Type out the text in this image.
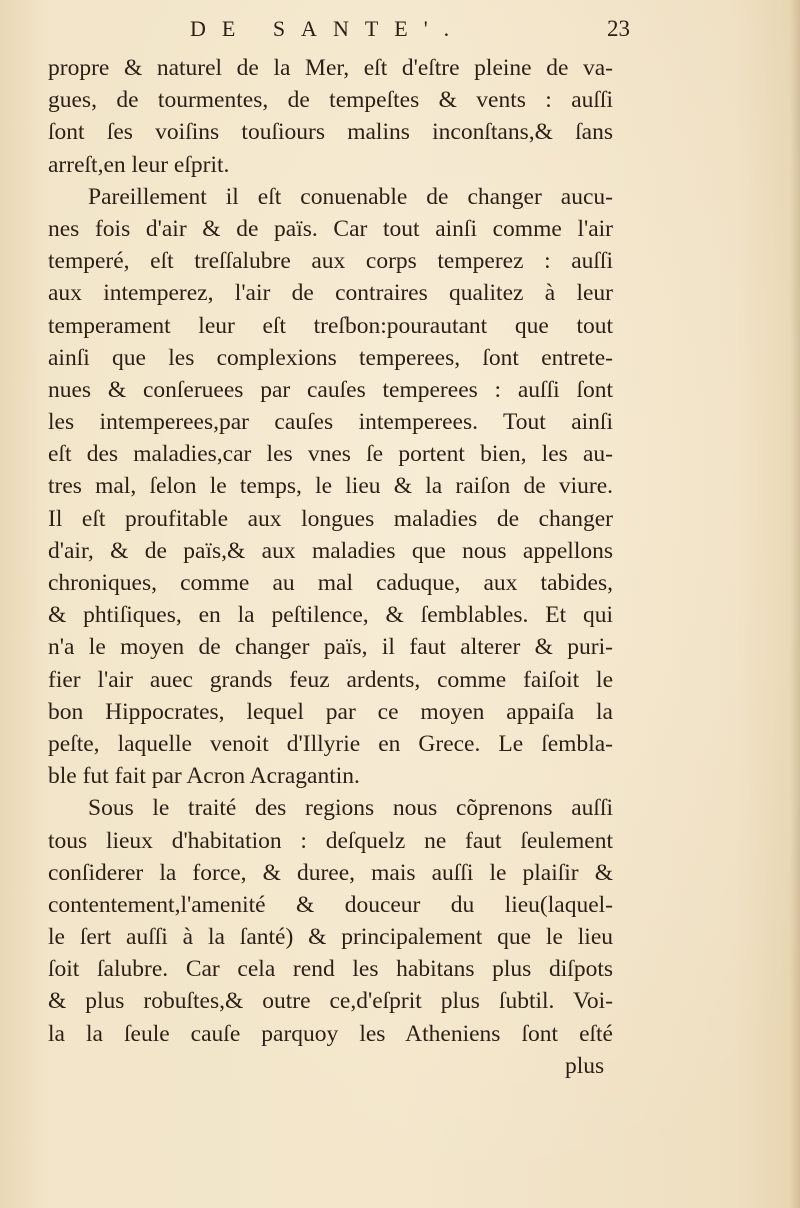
DE SANTE'.	23
propre & naturel de la Mer, eſt d'eſtre pleine de va-
gues, de tourmentes, de tempeſtes & vents : auſſi
ſont ſes voiſins touſiours malins inconſtans,& ſans
arreſt,en leur eſprit.
Pareillement il eſt conuenable de changer aucu-
nes fois d'air & de païs. Car tout ainſi comme l'air
temperé, eſt treſſalubre aux corps temperez : auſſi
aux intemperez, l'air de contraires qualitez à leur
temperament leur eſt treſbon:pourautant que tout
ainſi que les complexions temperees, ſont entrete-
nues & conſeruees par cauſes temperees : auſſi ſont
les intemperees,par cauſes intemperees. Tout ainſi
eſt des maladies,car les vnes ſe portent bien, les au-
tres mal, ſelon le temps, le lieu & la raiſon de viure.
Il eſt proufitable aux longues maladies de changer
d'air, & de païs,& aux maladies que nous appellons
chroniques, comme au mal caduque, aux tabides,
& phtiſiques, en la peſtilence, & ſemblables. Et qui
n'a le moyen de changer païs, il faut alterer & puri-
fier l'air auec grands feuz ardents, comme faiſoit le
bon Hippocrates, lequel par ce moyen appaiſa la
peſte, laquelle venoit d'Illyrie en Grece. Le ſembla-
ble fut fait par Acron Acragantin.
Sous le traité des regions nous cõprenons auſſi
tous lieux d'habitation : deſquelz ne faut ſeulement
conſiderer la force, & duree, mais auſſi le plaiſir &
contentement,l'amenité & douceur du lieu(laquel-
le ſert auſſi à la ſanté) & principalement que le lieu
ſoit ſalubre. Car cela rend les habitans plus diſpots
& plus robuſtes,& outre ce,d'eſprit plus ſubtil. Voi-
la la ſeule cauſe parquoy les Atheniens ſont eſté
plus
